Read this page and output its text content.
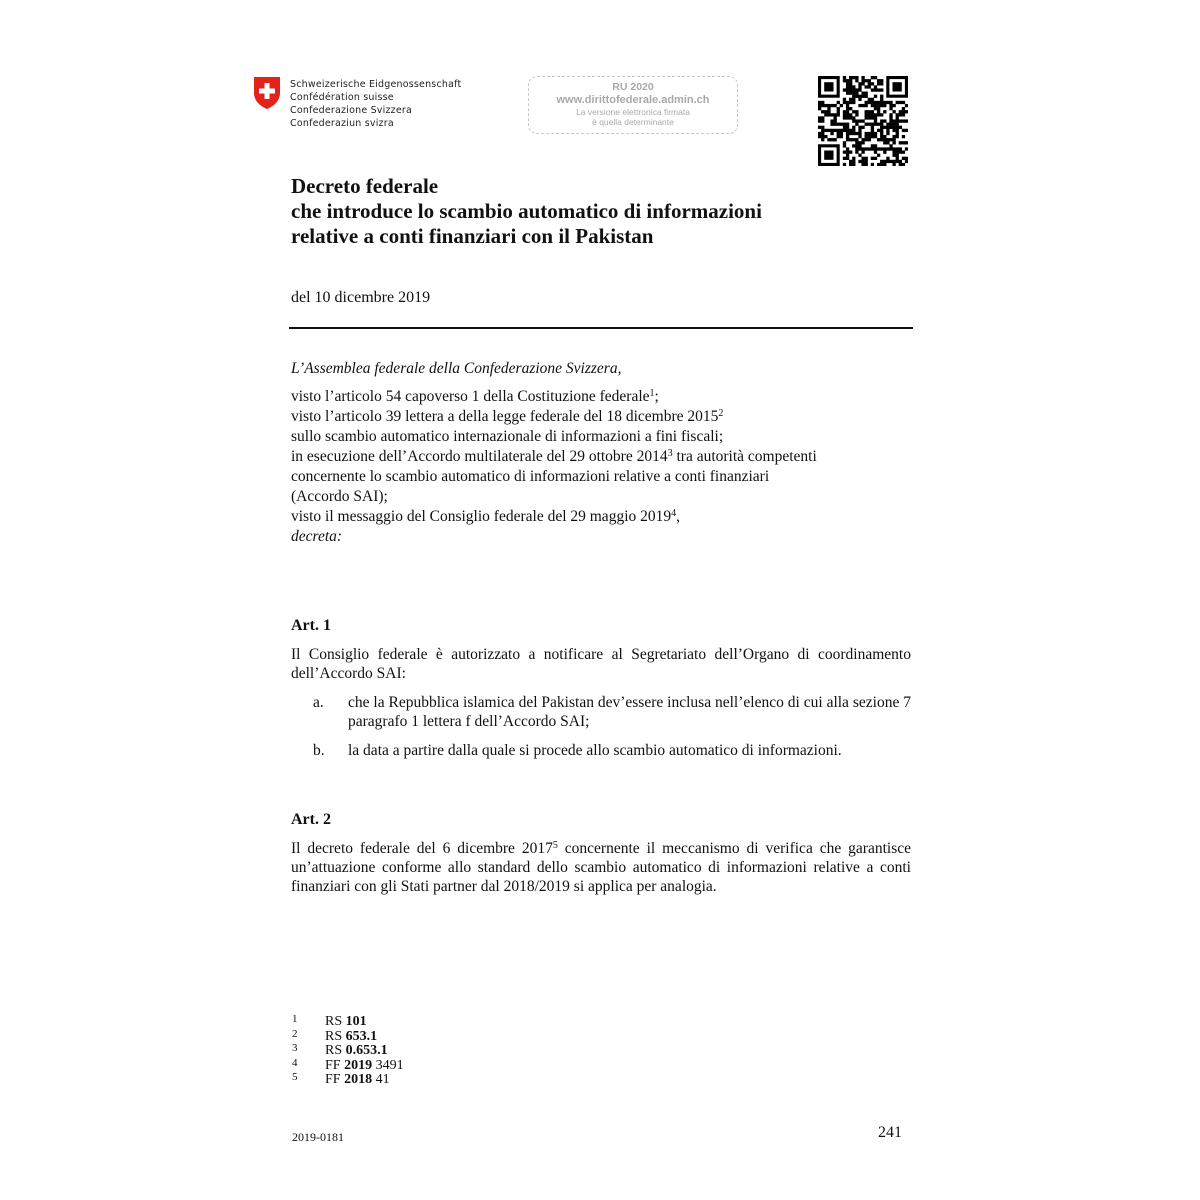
Schweizerische Eidgenossenschaft
Confédération suisse
Confederazione Svizzera
Confederaziun svizra
RU 2020
www.dirittofederale.admin.ch
La versione elettronica firmata
è quella determinante
Decreto federale
che introduce lo scambio automatico di informazioni
relative a conti finanziari con il Pakistan
del 10 dicembre 2019
L’Assemblea federale della Confederazione Svizzera,
visto l’articolo 54 capoverso 1 della Costituzione federale$^1$;
visto l’articolo 39 lettera a della legge federale del 18 dicembre 2015$^2$
sullo scambio automatico internazionale di informazioni a fini fiscali;
in esecuzione dell’Accordo multilaterale del 29 ottobre 2014$^3$ tra autorità competenti
concernente lo scambio automatico di informazioni relative a conti finanziari
(Accordo SAI);
visto il messaggio del Consiglio federale del 29 maggio 2019$^4$,
decreta:
Art. 1
Il Consiglio federale è autorizzato a notificare al Segretariato dell’Organo di coordinamento dell’Accordo SAI:
a. che la Repubblica islamica del Pakistan dev’essere inclusa nell’elenco di cui alla sezione 7 paragrafo 1 lettera f dell’Accordo SAI;
b. la data a partire dalla quale si procede allo scambio automatico di informazioni.
Art. 2
Il decreto federale del 6 dicembre 2017$^5$ concernente il meccanismo di verifica che garantisce un’attuazione conforme allo standard dello scambio automatico di informazioni relative a conti finanziari con gli Stati partner dal 2018/2019 si applica per analogia.
1 RS 101
2 RS 653.1
3 RS 0.653.1
4 FF 2019 3491
5 FF 2018 41
2019-0181	241
